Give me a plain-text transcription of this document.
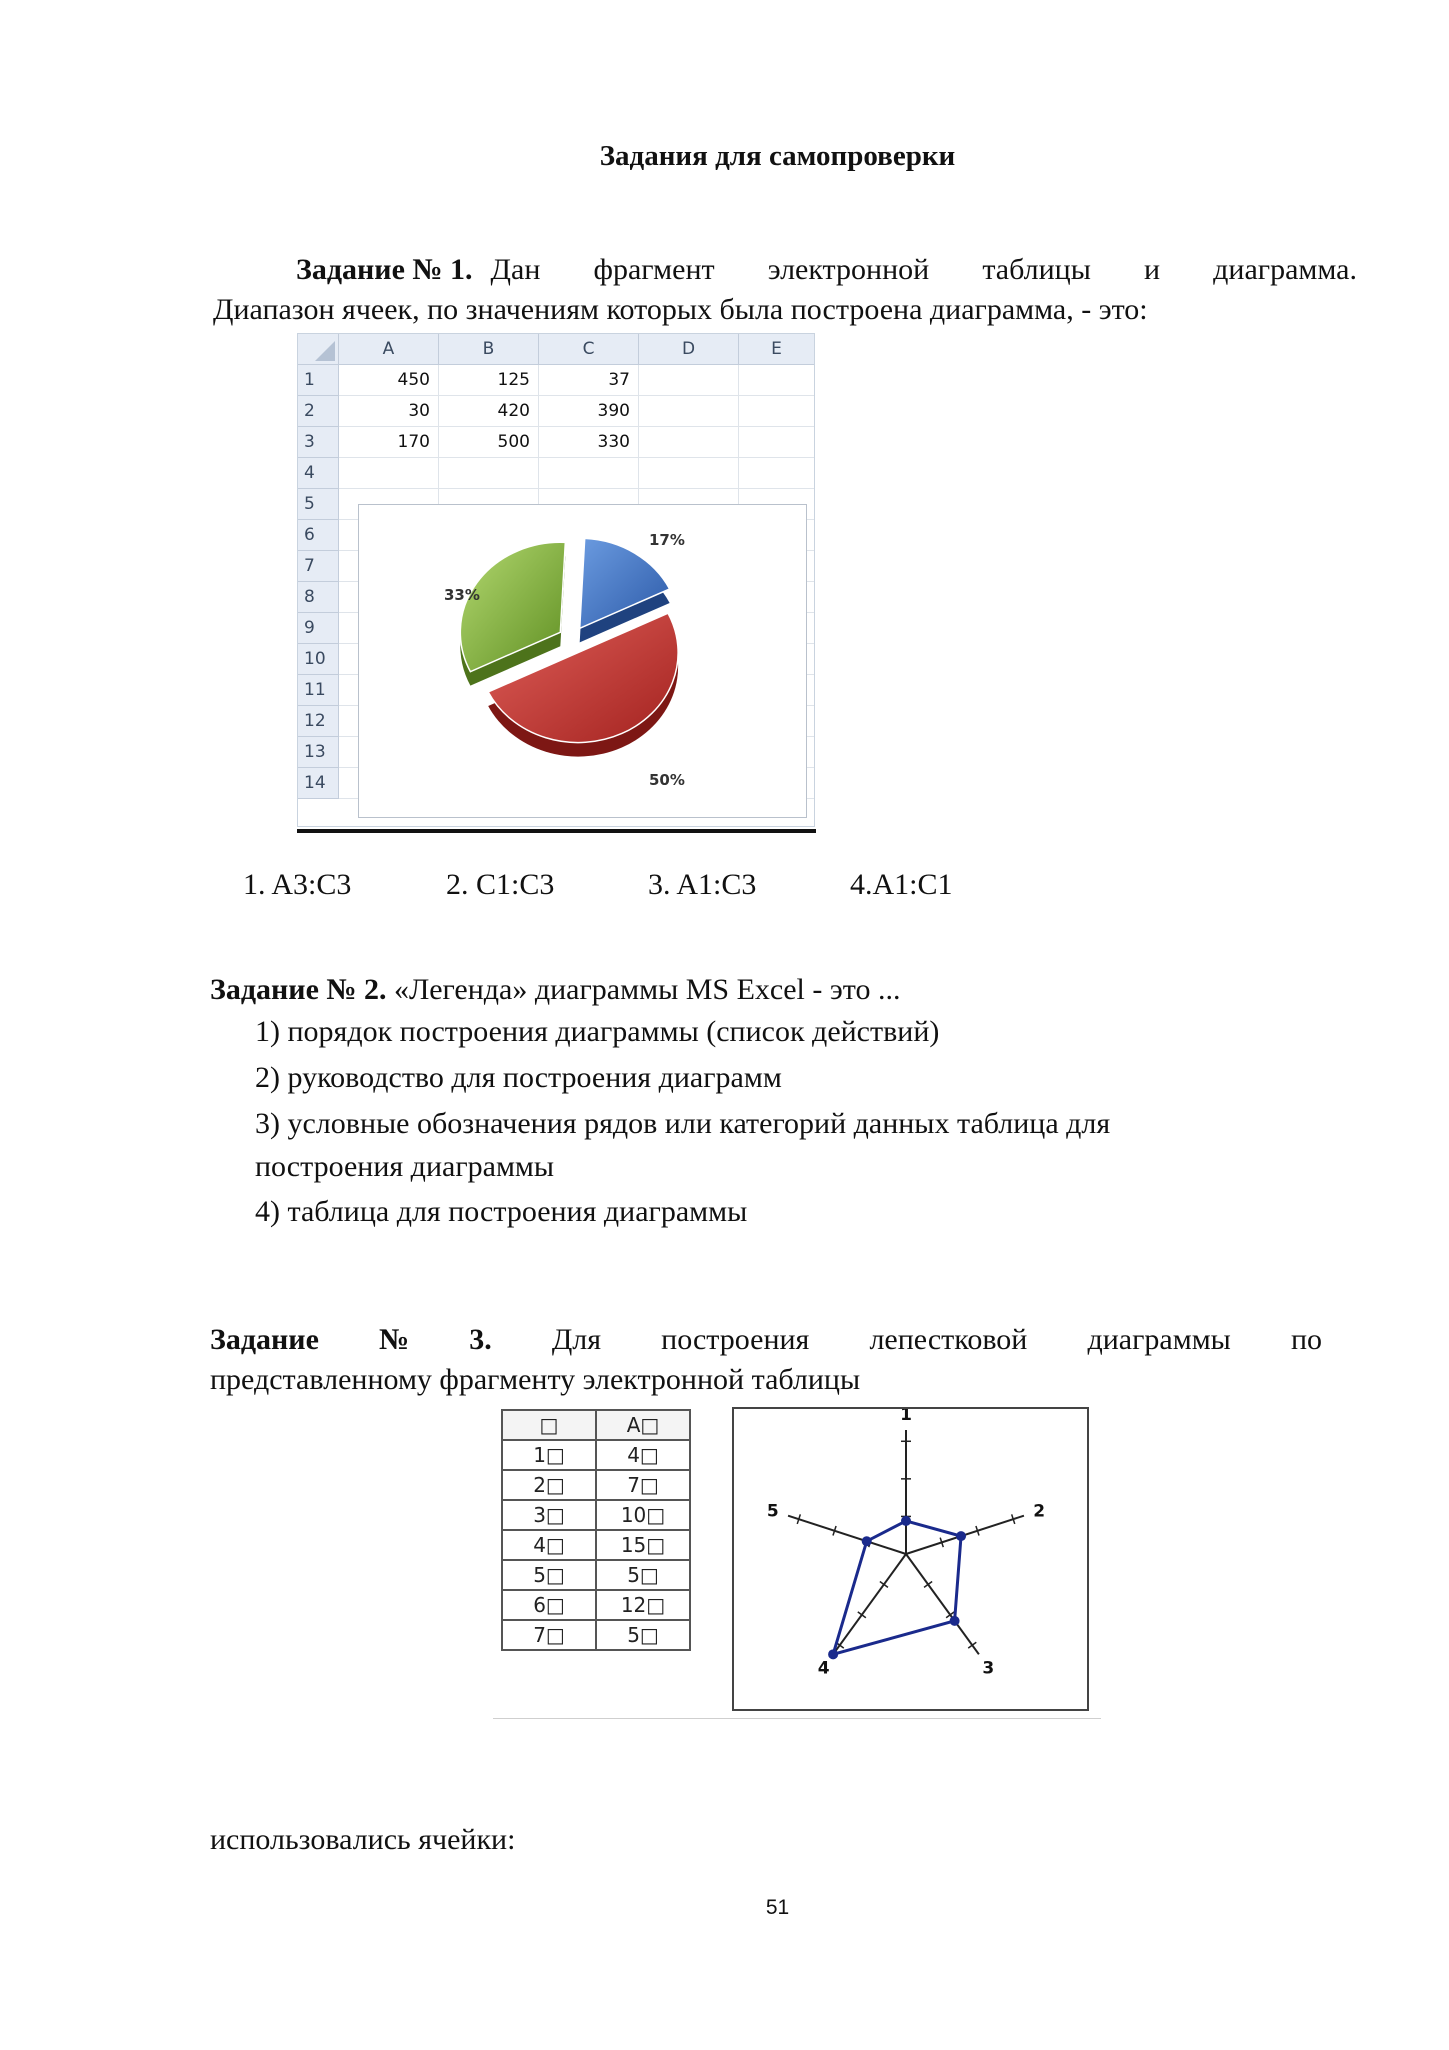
Задания для самопроверки
Задание № 1. Дан фрагмент электронной таблицы и диаграмма.
Диапазон ячеек, по значениям которых была построена диаграмма, - это:
A	B	C	D	E
1	450	125	37
2	30	420	390
3	170	500	330
4
5
6
7
8
9
10
11
12
13
14
17%
50%
33%
1. A3:C3	2. C1:C3	3. A1:C3	4.A1:C1
Задание № 2. «Легенда» диаграммы MS Excel - это ...
1) порядок построения диаграммы (список действий)
2) руководство для построения диаграмм
3) условные обозначения рядов или категорий данных таблица для
построения диаграммы
4) таблица для построения диаграммы
Задание № 3. Для построения лепестковой диаграммы по
представленному фрагменту электронной таблицы
□	A□
1□	4□
2□	7□
3□	10□
4□	15□
5□	5□
6□	12□
7□	5□
1
2
3
4
5
использовались ячейки:
51
